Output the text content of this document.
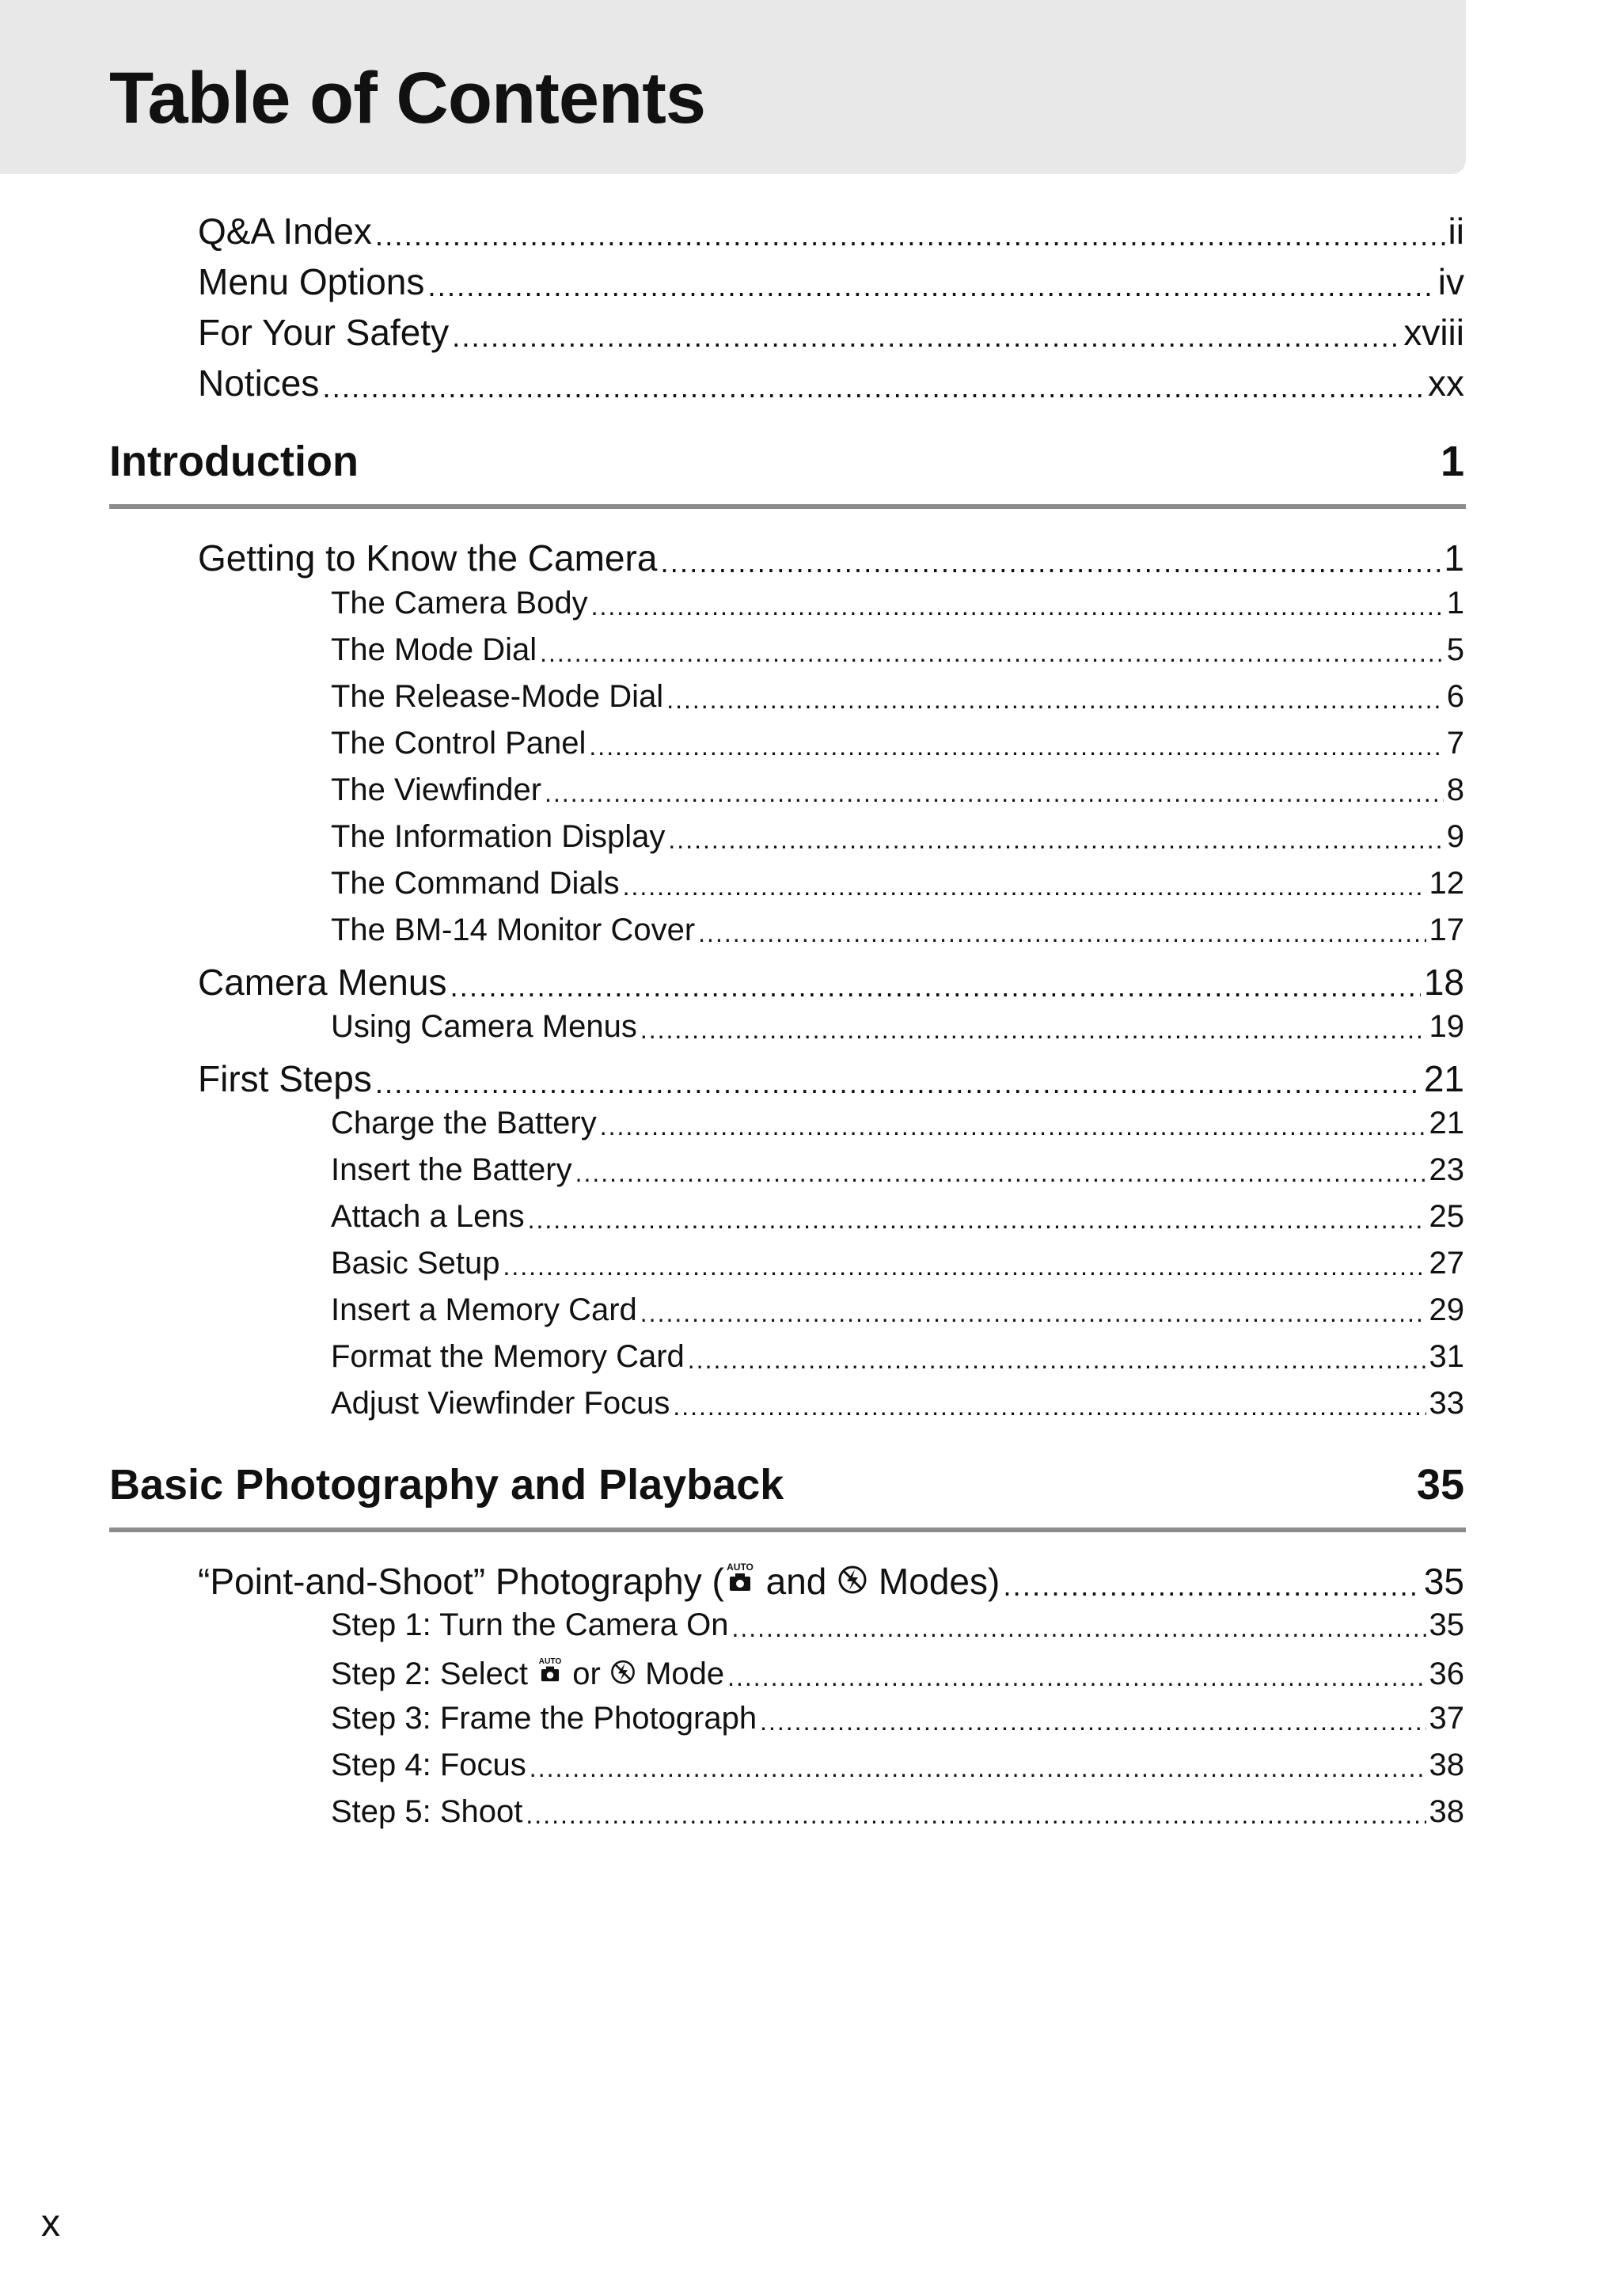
Table of Contents
Q&A Index .....	ii
Menu Options .....	iv
For Your Safety .....	xviii
Notices .....	xx
Introduction	1
Getting to Know the Camera .....	1
The Camera Body .....	1
The Mode Dial .....	5
The Release-Mode Dial .....	6
The Control Panel .....	7
The Viewfinder .....	8
The Information Display .....	9
The Command Dials .....	12
The BM-14 Monitor Cover .....	17
Camera Menus .....	18
Using Camera Menus .....	19
First Steps .....	21
Charge the Battery .....	21
Insert the Battery .....	23
Attach a Lens .....	25
Basic Setup .....	27
Insert a Memory Card .....	29
Format the Memory Card .....	31
Adjust Viewfinder Focus .....	33
Basic Photography and Playback	35
“Point-and-Shoot” Photography ( AUTO and  Modes) .....	35
Step 1: Turn the Camera On .....	35
Step 2: Select AUTO or  Mode .....	36
Step 3: Frame the Photograph .....	37
Step 4: Focus .....	38
Step 5: Shoot .....	38
x
